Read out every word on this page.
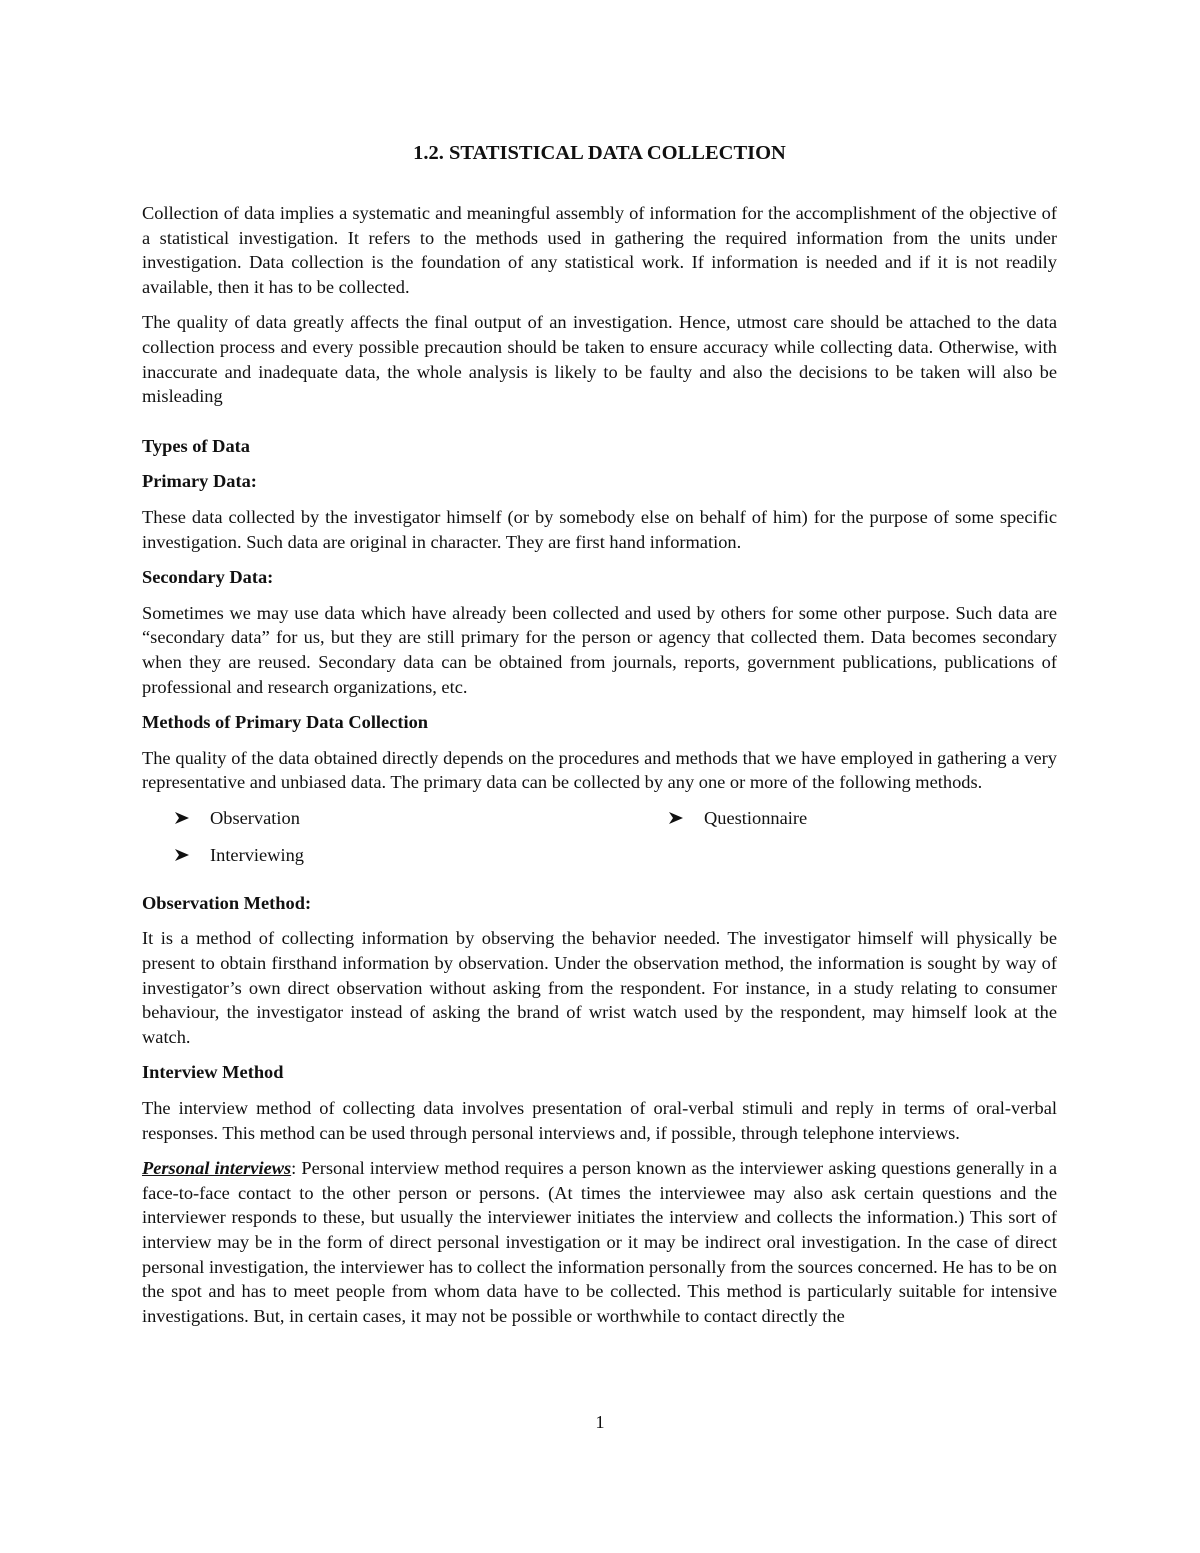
1.2. STATISTICAL DATA COLLECTION

Collection of data implies a systematic and meaningful assembly of information for the accomplishment of the objective of a statistical investigation. It refers to the methods used in gathering the required information from the units under investigation. Data collection is the foundation of any statistical work. If information is needed and if it is not readily available, then it has to be collected.

The quality of data greatly affects the final output of an investigation. Hence, utmost care should be attached to the data collection process and every possible precaution should be taken to ensure accuracy while collecting data. Otherwise, with inaccurate and inadequate data, the whole analysis is likely to be faulty and also the decisions to be taken will also be misleading

Types of Data
Primary Data:

These data collected by the investigator himself (or by somebody else on behalf of him) for the purpose of some specific investigation. Such data are original in character. They are first hand information.

Secondary Data:

Sometimes we may use data which have already been collected and used by others for some other purpose. Such data are “secondary data” for us, but they are still primary for the person or agency that collected them. Data becomes secondary when they are reused. Secondary data can be obtained from journals, reports, government publications, publications of professional and research organizations, etc.

Methods of Primary Data Collection

The quality of the data obtained directly depends on the procedures and methods that we have employed in gathering a very representative and unbiased data. The primary data can be collected by any one or more of the following methods.

Observation	Questionnaire
Interviewing
Observation Method:

It is a method of collecting information by observing the behavior needed. The investigator himself will physically be present to obtain firsthand information by observation. Under the observation method, the information is sought by way of investigator’s own direct observation without asking from the respondent. For instance, in a study relating to consumer behaviour, the investigator instead of asking the brand of wrist watch used by the respondent, may himself look at the watch.

Interview Method

The interview method of collecting data involves presentation of oral-verbal stimuli and reply in terms of oral-verbal responses. This method can be used through personal interviews and, if possible, through telephone interviews.

Personal interviews: Personal interview method requires a person known as the interviewer asking questions generally in a face-to-face contact to the other person or persons. (At times the interviewee may also ask certain questions and the interviewer responds to these, but usually the interviewer initiates the interview and collects the information.) This sort of interview may be in the form of direct personal investigation or it may be indirect oral investigation. In the case of direct personal investigation, the interviewer has to collect the information personally from the sources concerned. He has to be on the spot and has to meet people from whom data have to be collected. This method is particularly suitable for intensive investigations. But, in certain cases, it may not be possible or worthwhile to contact directly the

1
